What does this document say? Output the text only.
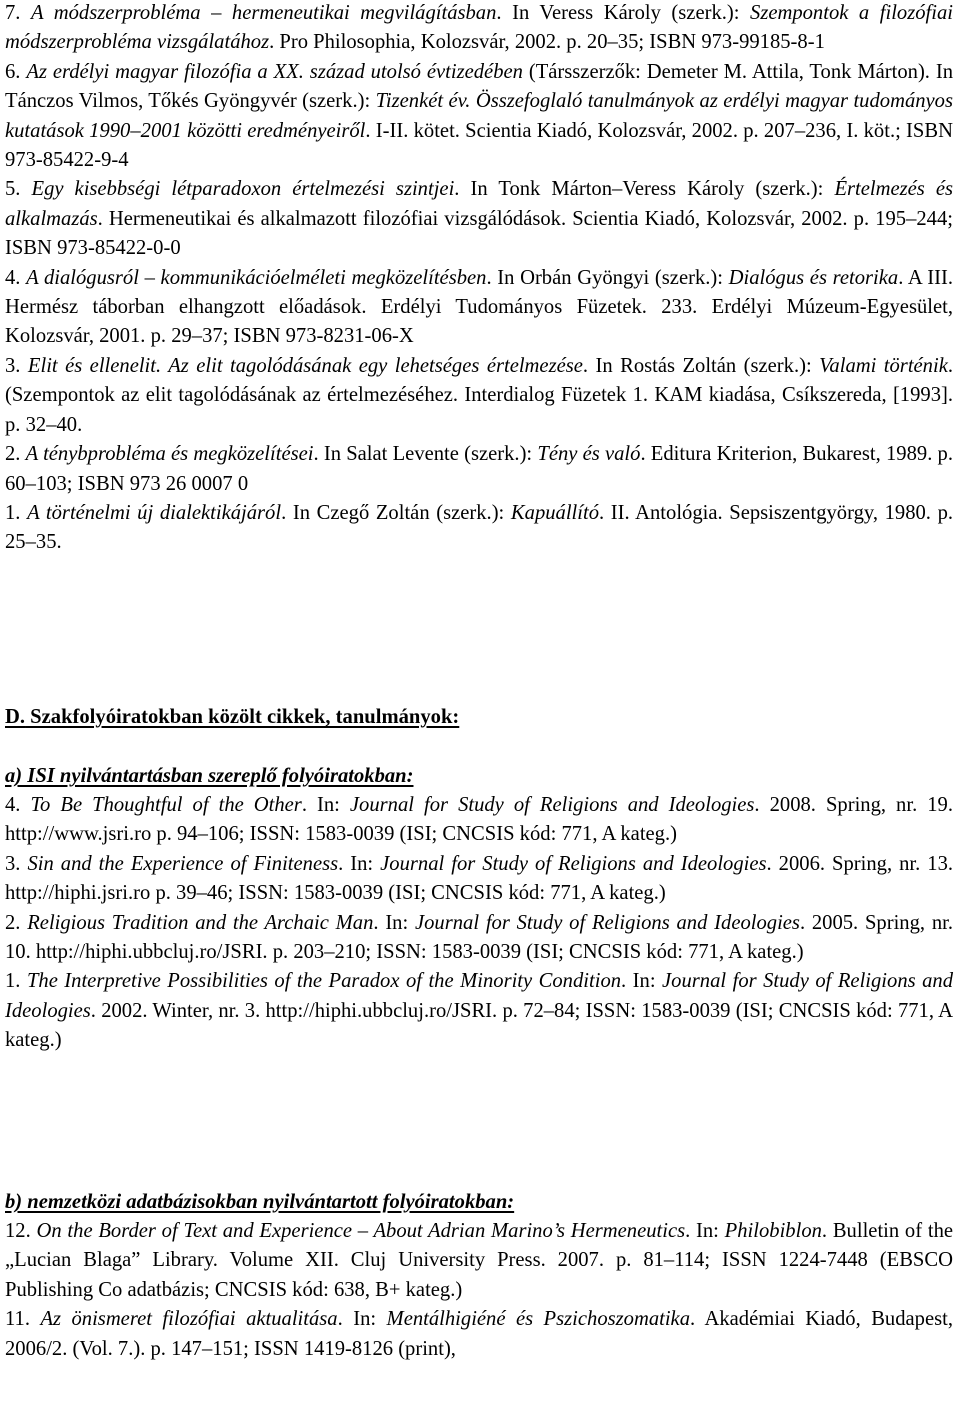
7. A módszerprobléma – hermeneutikai megvilágításban. In Veress Károly (szerk.): Szempontok a filozófiai módszerprobléma vizsgálatához. Pro Philosophia, Kolozsvár, 2002. p. 20–35; ISBN 973-99185-8-1
6. Az erdélyi magyar filozófia a XX. század utolsó évtizedében (Társszerzők: Demeter M. Attila, Tonk Márton). In Tánczos Vilmos, Tőkés Gyöngyvér (szerk.): Tizenkét év. Összefoglaló tanulmányok az erdélyi magyar tudományos kutatások 1990–2001 közötti eredményeiről. I-II. kötet. Scientia Kiadó, Kolozsvár, 2002. p. 207–236, I. köt.; ISBN 973-85422-9-4
5. Egy kisebbségi létparadoxon értelmezési szintjei. In Tonk Márton–Veress Károly (szerk.): Értelmezés és alkalmazás. Hermeneutikai és alkalmazott filozófiai vizsgálódások. Scientia Kiadó, Kolozsvár, 2002. p. 195–244; ISBN 973-85422-0-0
4. A dialógusról – kommunikációelméleti megközelítésben. In Orbán Gyöngyi (szerk.): Dialógus és retorika. A III. Hermész táborban elhangzott előadások. Erdélyi Tudományos Füzetek. 233. Erdélyi Múzeum-Egyesület, Kolozsvár, 2001. p. 29–37; ISBN 973-8231-06-X
3. Elit és ellenelit. Az elit tagolódásának egy lehetséges értelmezése. In Rostás Zoltán (szerk.): Valami történik. (Szempontok az elit tagolódásának az értelmezéséhez. Interdialog Füzetek 1. KAM kiadása, Csíkszereda, [1993]. p. 32–40.
2. A ténybprobléma és megközelítései. In Salat Levente (szerk.): Tény és való. Editura Kriterion, Bukarest, 1989. p. 60–103; ISBN 973 26 0007 0
1. A történelmi új dialektikájáról. In Czegő Zoltán (szerk.): Kapuállító. II. Antológia. Sepsiszentgyörgy, 1980. p. 25–35.
D. Szakfolyóiratokban közölt cikkek, tanulmányok:
a) ISI nyilvántartásban szereplő folyóiratokban:
4. To Be Thoughtful of the Other. In: Journal for Study of Religions and Ideologies. 2008. Spring, nr. 19. http://www.jsri.ro p. 94–106; ISSN: 1583-0039 (ISI; CNCSIS kód: 771, A kateg.)
3. Sin and the Experience of Finiteness. In: Journal for Study of Religions and Ideologies. 2006. Spring, nr. 13. http://hiphi.jsri.ro p. 39–46; ISSN: 1583-0039 (ISI; CNCSIS kód: 771, A kateg.)
2. Religious Tradition and the Archaic Man. In: Journal for Study of Religions and Ideologies. 2005. Spring, nr. 10. http://hiphi.ubbcluj.ro/JSRI. p. 203–210; ISSN: 1583-0039 (ISI; CNCSIS kód: 771, A kateg.)
1. The Interpretive Possibilities of the Paradox of the Minority Condition. In: Journal for Study of Religions and Ideologies. 2002. Winter, nr. 3. http://hiphi.ubbcluj.ro/JSRI. p. 72–84; ISSN: 1583-0039 (ISI; CNCSIS kód: 771, A kateg.)
b) nemzetközi adatbázisokban nyilvántartott folyóiratokban:
12. On the Border of Text and Experience – About Adrian Marino’s Hermeneutics. In: Philobiblon. Bulletin of the „Lucian Blaga” Library. Volume XII. Cluj University Press. 2007. p. 81–114; ISSN 1224-7448 (EBSCO Publishing Co adatbázis; CNCSIS kód: 638, B+ kateg.)
11. Az önismeret filozófiai aktualitása. In: Mentálhigiéné és Pszichoszomatika. Akadémiai Kiadó, Budapest, 2006/2. (Vol. 7.). p. 147–151; ISSN 1419-8126 (print),
